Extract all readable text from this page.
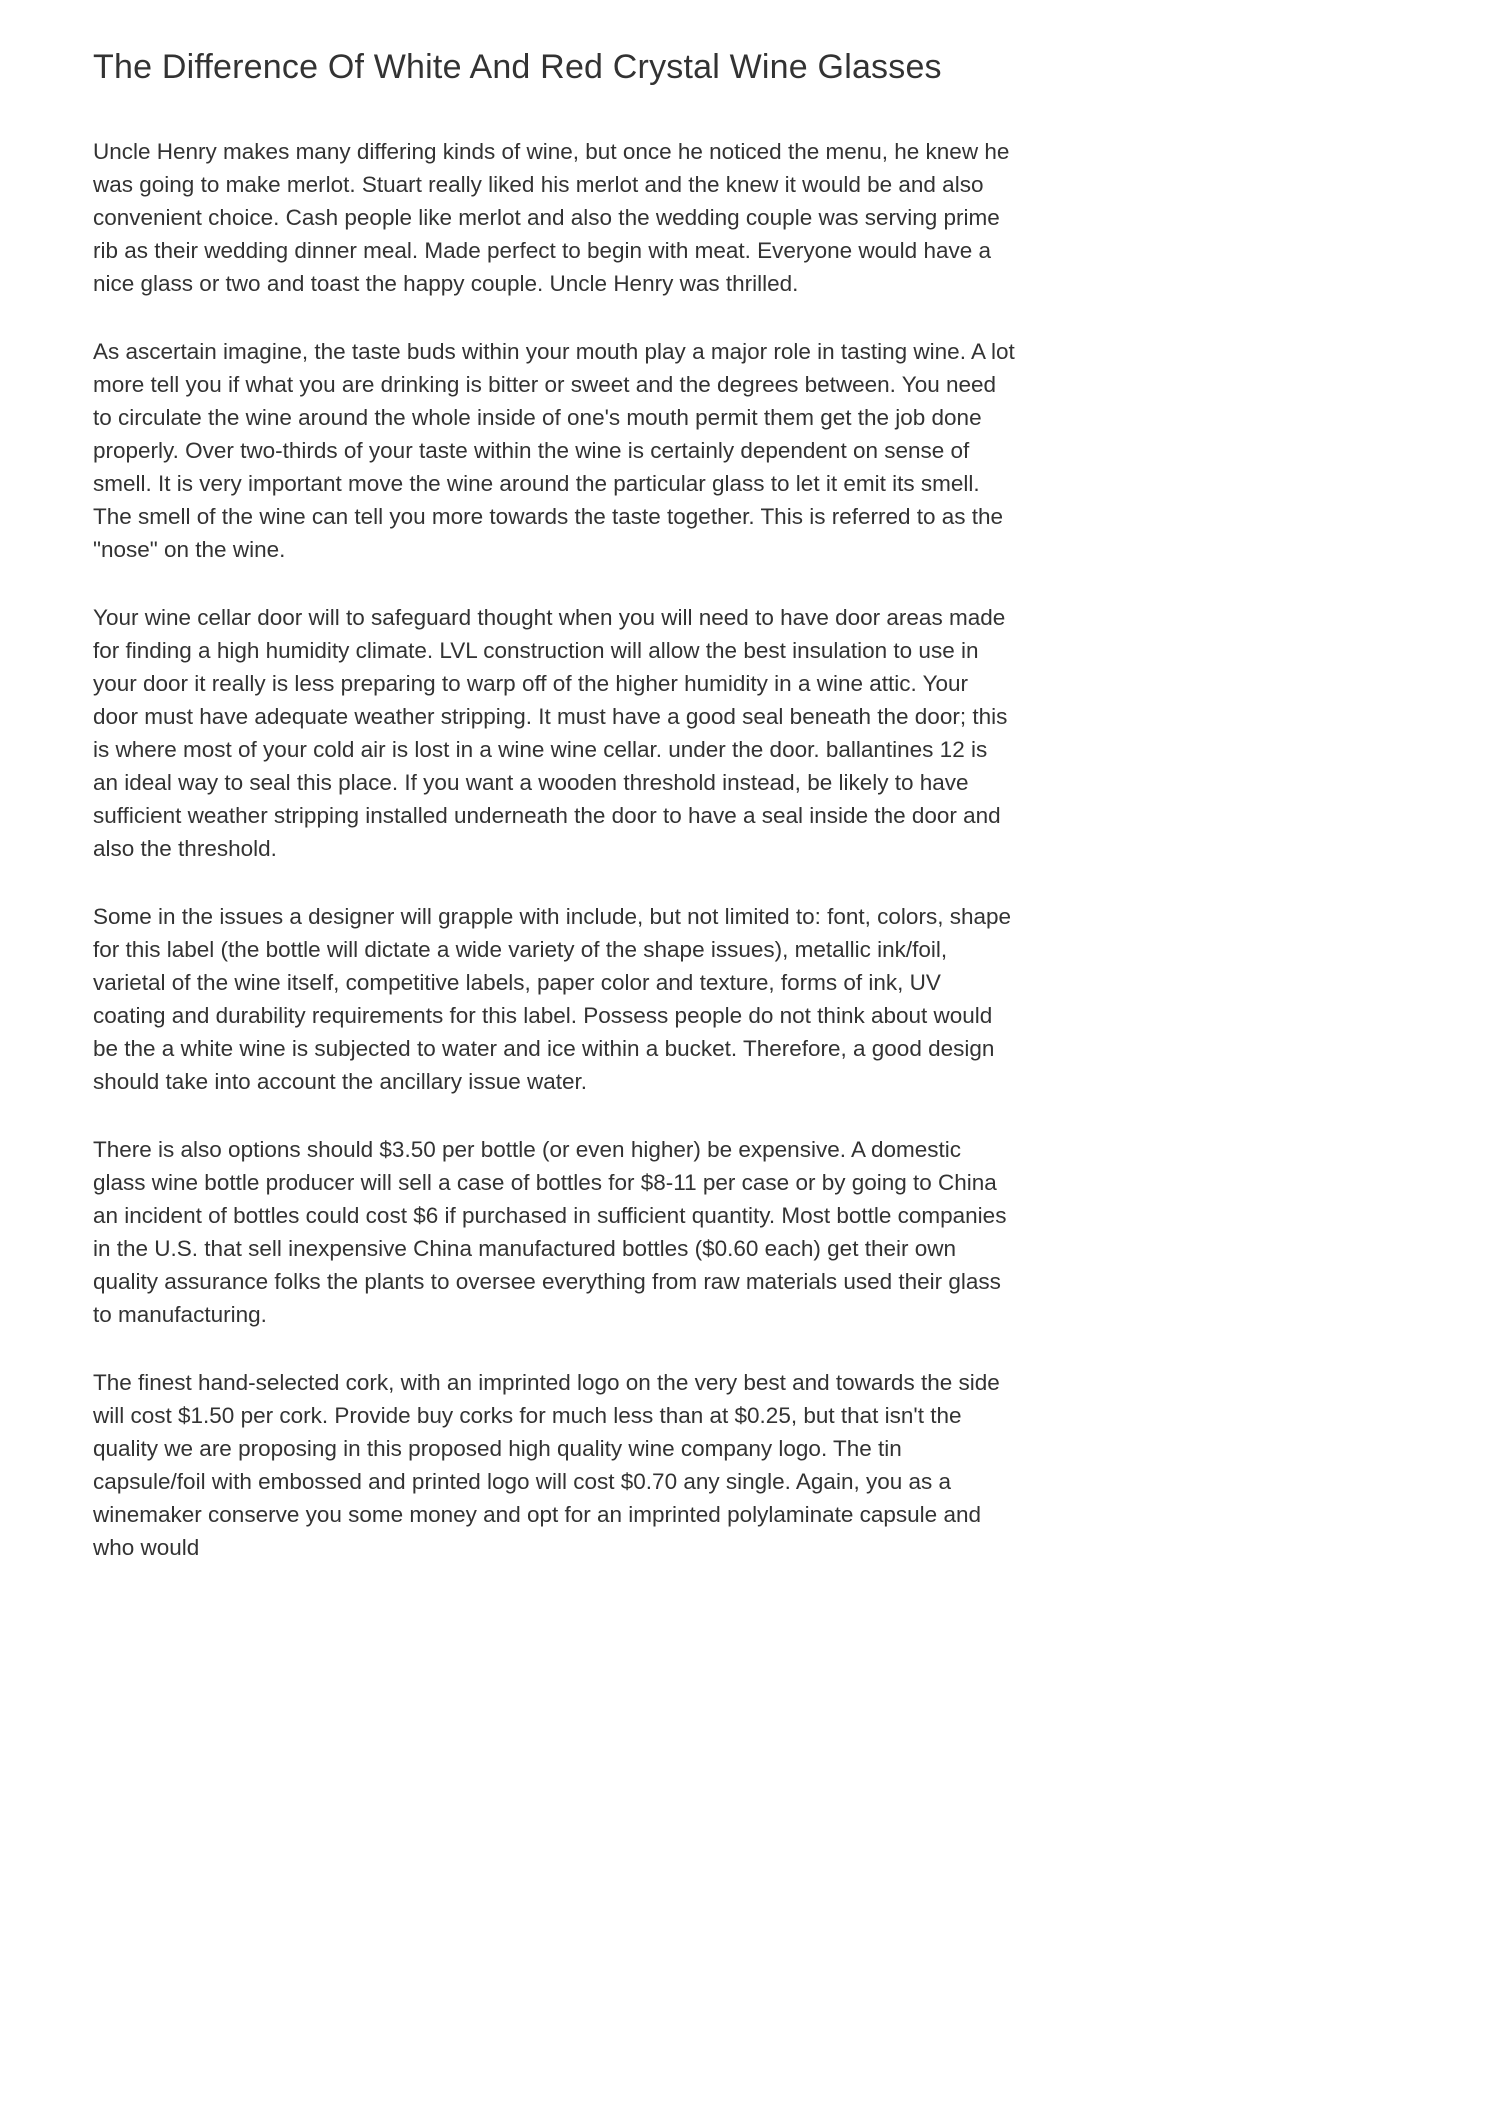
The Difference Of White And Red Crystal Wine Glasses

Uncle Henry makes many differing kinds of wine, but once he noticed the menu, he knew he was going to make merlot. Stuart really liked his merlot and the knew it would be and also convenient choice. Cash people like merlot and also the wedding couple was serving prime rib as their wedding dinner meal. Made perfect to begin with meat. Everyone would have a nice glass or two and toast the happy couple. Uncle Henry was thrilled.

As ascertain imagine, the taste buds within your mouth play a major role in tasting wine. A lot more tell you if what you are drinking is bitter or sweet and the degrees between. You need to circulate the wine around the whole inside of one's mouth permit them get the job done properly. Over two-thirds of your taste within the wine is certainly dependent on sense of smell. It is very important move the wine around the particular glass to let it emit its smell. The smell of the wine can tell you more towards the taste together. This is referred to as the "nose" on the wine.

Your wine cellar door will to safeguard thought when you will need to have door areas made for finding a high humidity climate. LVL construction will allow the best insulation to use in your door it really is less preparing to warp off of the higher humidity in a wine attic. Your door must have adequate weather stripping. It must have a good seal beneath the door; this is where most of your cold air is lost in a wine wine cellar. under the door. ballantines 12 is an ideal way to seal this place. If you want a wooden threshold instead, be likely to have sufficient weather stripping installed underneath the door to have a seal inside the door and also the threshold.

Some in the issues a designer will grapple with include, but not limited to: font, colors, shape for this label (the bottle will dictate a wide variety of the shape issues), metallic ink/foil, varietal of the wine itself, competitive labels, paper color and texture, forms of ink, UV coating and durability requirements for this label. Possess people do not think about would be the a white wine is subjected to water and ice within a bucket. Therefore, a good design should take into account the ancillary issue water.

There is also options should $3.50 per bottle (or even higher) be expensive. A domestic glass wine bottle producer will sell a case of bottles for $8-11 per case or by going to China an incident of bottles could cost $6 if purchased in sufficient quantity. Most bottle companies in the U.S. that sell inexpensive China manufactured bottles ($0.60 each) get their own quality assurance folks the plants to oversee everything from raw materials used their glass to manufacturing.

The finest hand-selected cork, with an imprinted logo on the very best and towards the side will cost $1.50 per cork. Provide buy corks for much less than at $0.25, but that isn't the quality we are proposing in this proposed high quality wine company logo. The tin capsule/foil with embossed and printed logo will cost $0.70 any single. Again, you as a winemaker conserve you some money and opt for an imprinted polylaminate capsule and who would
